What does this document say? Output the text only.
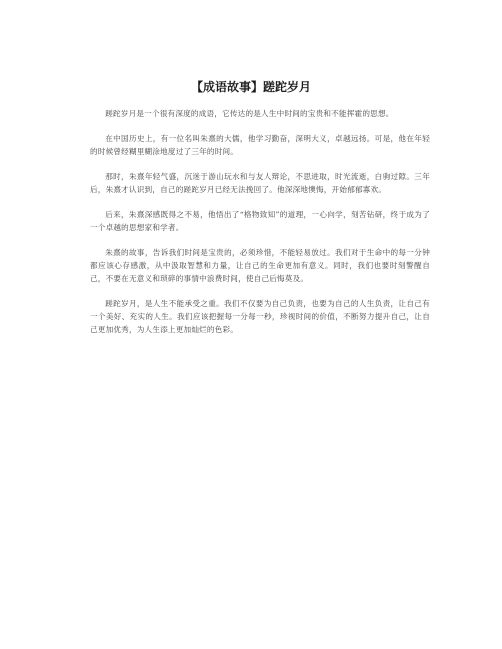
【成语故事】蹉跎岁月

蹉跎岁月是一个很有深度的成语，它传达的是人生中时间的宝贵和不能挥霍的思想。

在中国历史上，有一位名叫朱熹的大儒，他学习勤奋，深明大义，卓越远扬。可是，他在年轻的时候曾经糊里糊涂地度过了三年的时间。

那时，朱熹年轻气盛，沉迷于游山玩水和与友人辩论，不思进取，时光流逝，白驹过隙。三年后，朱熹才认识到，自己的蹉跎岁月已经无法挽回了。他深深地懊悔，开始郁郁寡欢。

后来，朱熹深感既得之不易，他悟出了“格物致知”的道理，一心向学，刻苦钻研，终于成为了一个卓越的思想家和学者。

朱熹的故事，告诉我们时间是宝贵的，必须珍惜，不能轻易放过。我们对于生命中的每一分钟都应该心存感激，从中汲取智慧和力量，让自己的生命更加有意义。同时，我们也要时刻警醒自己，不要在无意义和琐碎的事情中浪费时间，使自己后悔莫及。

蹉跎岁月，是人生不能承受之重。我们不仅要为自己负责，也要为自己的人生负责，让自己有一个美好、充实的人生。我们应该把握每一分每一秒，珍视时间的价值，不断努力提升自己，让自己更加优秀，为人生添上更加灿烂的色彩。
